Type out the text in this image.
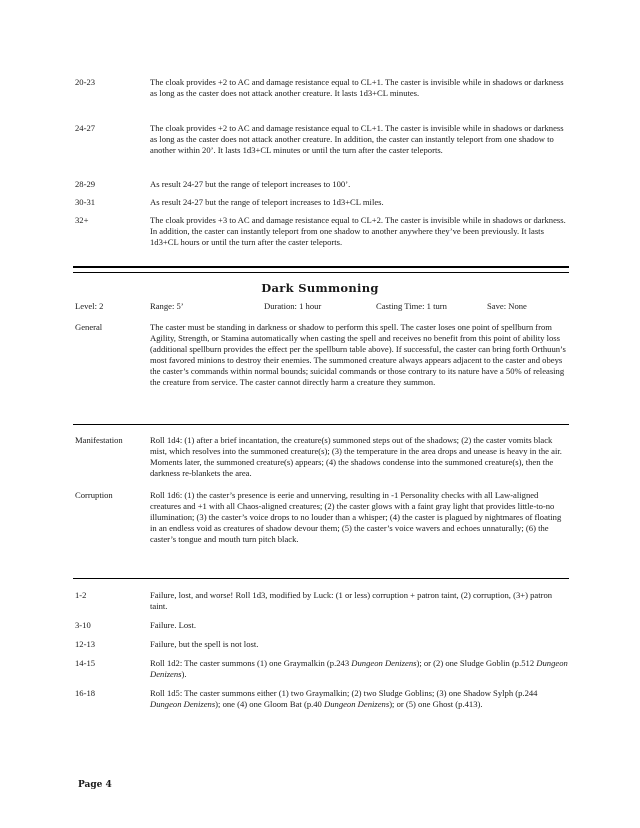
20-23	The cloak provides +2 to AC and damage resistance equal to CL+1. The caster is invisible while in shadows or darkness as long as the caster does not attack another creature. It lasts 1d3+CL minutes.
24-27	The cloak provides +2 to AC and damage resistance equal to CL+1. The caster is invisible while in shadows or darkness as long as the caster does not attack another creature. In addition, the caster can instantly teleport from one shadow to another within 20’. It lasts 1d3+CL minutes or until the turn after the caster teleports.
28-29	As result 24-27 but the range of teleport increases to 100’.
30-31	As result 24-27 but the range of teleport increases to 1d3+CL miles.
32+	The cloak provides +3 to AC and damage resistance equal to CL+2. The caster is invisible while in shadows or darkness. In addition, the caster can instantly teleport from one shadow to another anywhere they’ve been previously. It lasts 1d3+CL hours or until the turn after the caster teleports.
Dark Summoning
Level: 2	Range: 5’	Duration: 1 hour	Casting Time: 1 turn	Save: None
General	The caster must be standing in darkness or shadow to perform this spell. The caster loses one point of spellburn from Agility, Strength, or Stamina automatically when casting the spell and receives no benefit from this point of ability loss (additional spellburn provides the effect per the spellburn table above). If successful, the caster can bring forth Orthuun’s most favored minions to destroy their enemies. The summoned creature always appears adjacent to the caster and obeys the caster’s commands within normal bounds; suicidal commands or those contrary to its nature have a 50% of releasing the creature from service. The caster cannot directly harm a creature they summon.
Manifestation	Roll 1d4: (1) after a brief incantation, the creature(s) summoned steps out of the shadows; (2) the caster vomits black mist, which resolves into the summoned creature(s); (3) the temperature in the area drops and unease is heavy in the air. Moments later, the summoned creature(s) appears; (4) the shadows condense into the summoned creature(s), then the darkness re-blankets the area.
Corruption	Roll 1d6: (1) the caster’s presence is eerie and unnerving, resulting in -1 Personality checks with all Law-aligned creatures and +1 with all Chaos-aligned creatures; (2) the caster glows with a faint gray light that provides little-to-no illumination; (3) the caster’s voice drops to no louder than a whisper; (4) the caster is plagued by nightmares of floating in an endless void as creatures of shadow devour them; (5) the caster’s voice wavers and echoes unnaturally; (6) the caster’s tongue and mouth turn pitch black.
1-2	Failure, lost, and worse! Roll 1d3, modified by Luck: (1 or less) corruption + patron taint, (2) corruption, (3+) patron taint.
3-10	Failure. Lost.
12-13	Failure, but the spell is not lost.
14-15	Roll 1d2: The caster summons (1) one Graymalkin (p.243 Dungeon Denizens); or (2) one Sludge Goblin (p.512 Dungeon Denizens).
16-18	Roll 1d5: The caster summons either (1) two Graymalkin; (2) two Sludge Goblins; (3) one Shadow Sylph (p.244 Dungeon Denizens); one (4) one Gloom Bat (p.40 Dungeon Denizens); or (5) one Ghost (p.413).
Page 4
